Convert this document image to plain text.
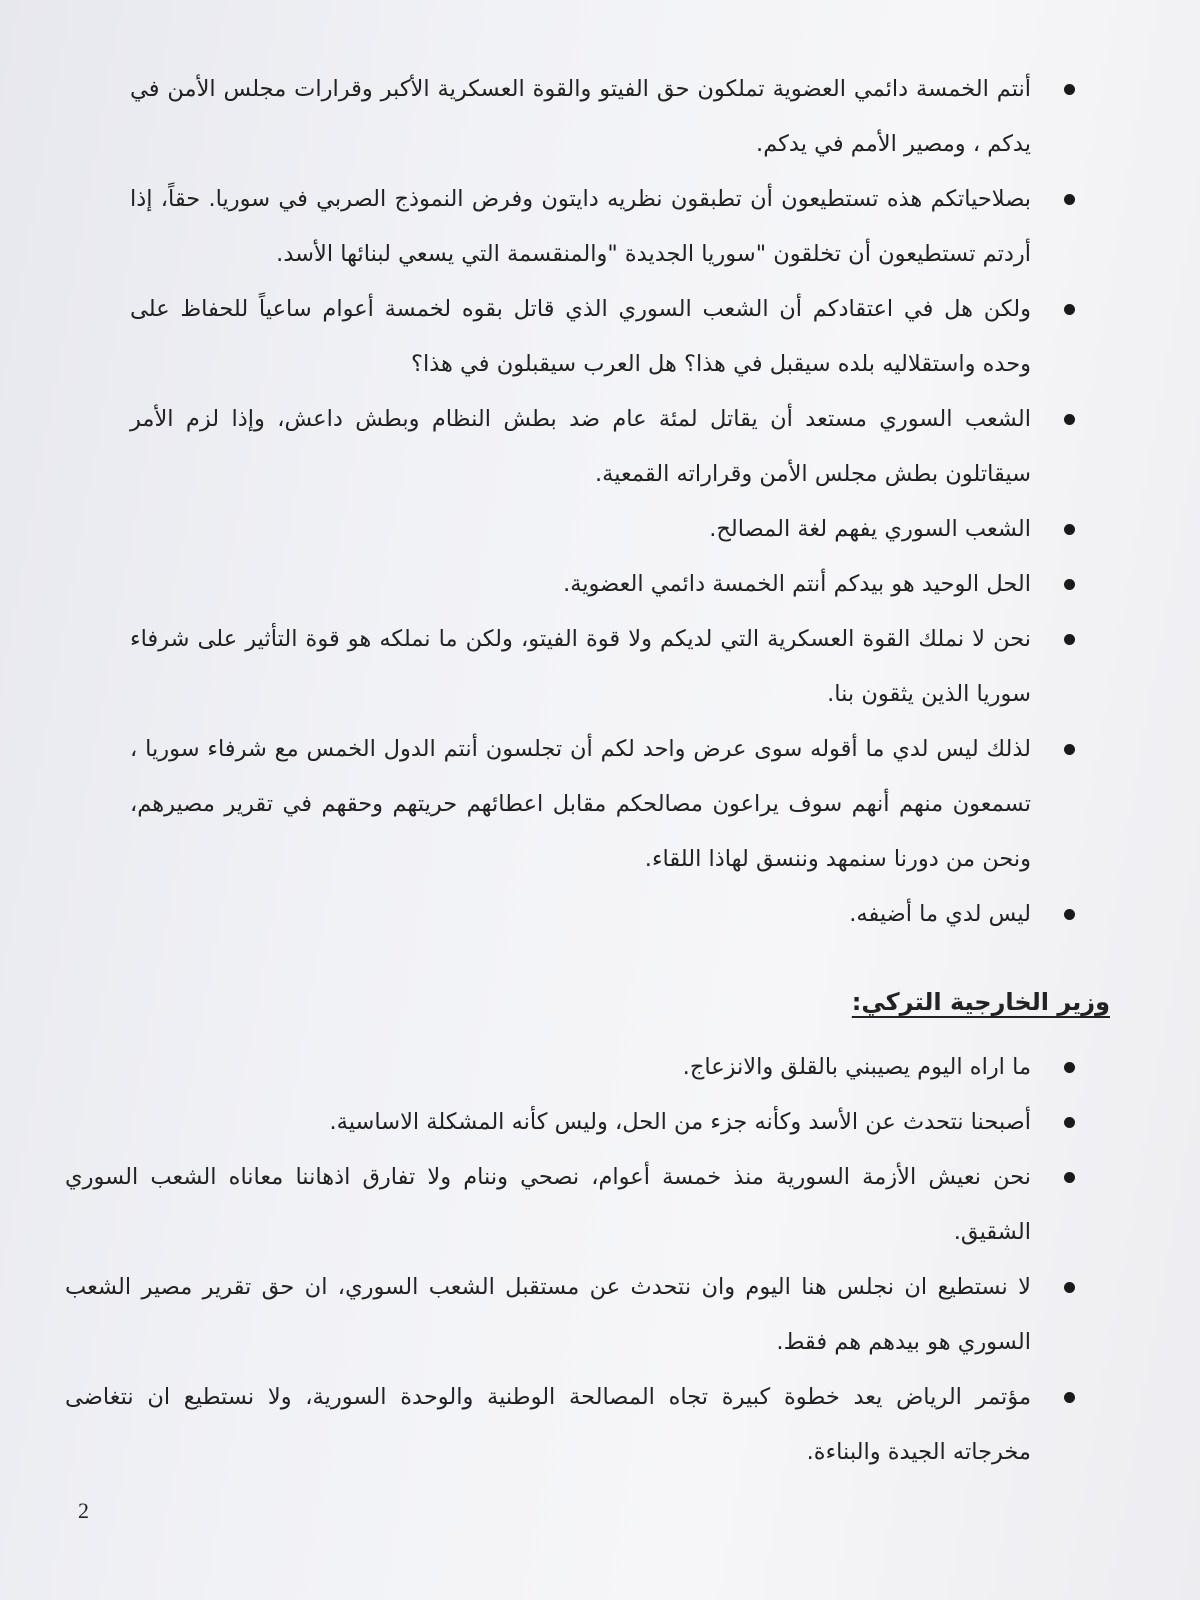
أنتم الخمسة دائمي العضوية تملكون حق الفيتو والقوة العسكرية الأكبر وقرارات مجلس الأمن في يدكم ، ومصير الأمم في يدكم.
بصلاحياتكم هذه تستطيعون أن تطبقون نظريه دايتون وفرض النموذج الصربي في سوريا. حقاً، إذا أردتم تستطيعون أن تخلقون "سوريا الجديدة "والمنقسمة التي يسعي لبنائها الأسد.
ولكن هل في اعتقادكم أن الشعب السوري الذي قاتل بقوه لخمسة أعوام ساعياً للحفاظ على وحده واستقلاليه بلده سيقبل في هذا؟ هل العرب سيقبلون في هذا؟
الشعب السوري مستعد أن يقاتل لمئة عام ضد بطش النظام وبطش داعش، وإذا لزم الأمر سيقاتلون بطش مجلس الأمن وقراراته القمعية.
الشعب السوري يفهم لغة المصالح.
الحل الوحيد هو بيدكم أنتم الخمسة دائمي العضوية.
نحن لا نملك القوة العسكرية التي لديكم ولا قوة الفيتو، ولكن ما نملكه هو قوة التأثير على شرفاء سوريا الذين يثقون بنا.
لذلك ليس لدي ما أقوله سوى عرض واحد لكم أن تجلسون أنتم الدول الخمس مع شرفاء سوريا ، تسمعون منهم أنهم سوف يراعون مصالحكم مقابل اعطائهم حريتهم وحقهم في تقرير مصيرهم، ونحن من دورنا سنمهد وننسق لهاذا اللقاء.
ليس لدي ما أضيفه.
وزير الخارجية التركي:
ما اراه اليوم يصيبني بالقلق والانزعاج.
أصبحنا نتحدث عن الأسد وكأنه جزء من الحل، وليس كأنه المشكلة الاساسية.
نحن نعيش الأزمة السورية منذ خمسة أعوام، نصحي وننام ولا تفارق اذهاننا معاناه الشعب السوري الشقيق.
لا نستطيع ان نجلس هنا اليوم وان نتحدث عن مستقبل الشعب السوري، ان حق تقرير مصير الشعب السوري هو بيدهم هم فقط.
مؤتمر الرياض يعد خطوة كبيرة تجاه المصالحة الوطنية والوحدة السورية، ولا نستطيع ان نتغاضى مخرجاته الجيدة والبناءة.
2
